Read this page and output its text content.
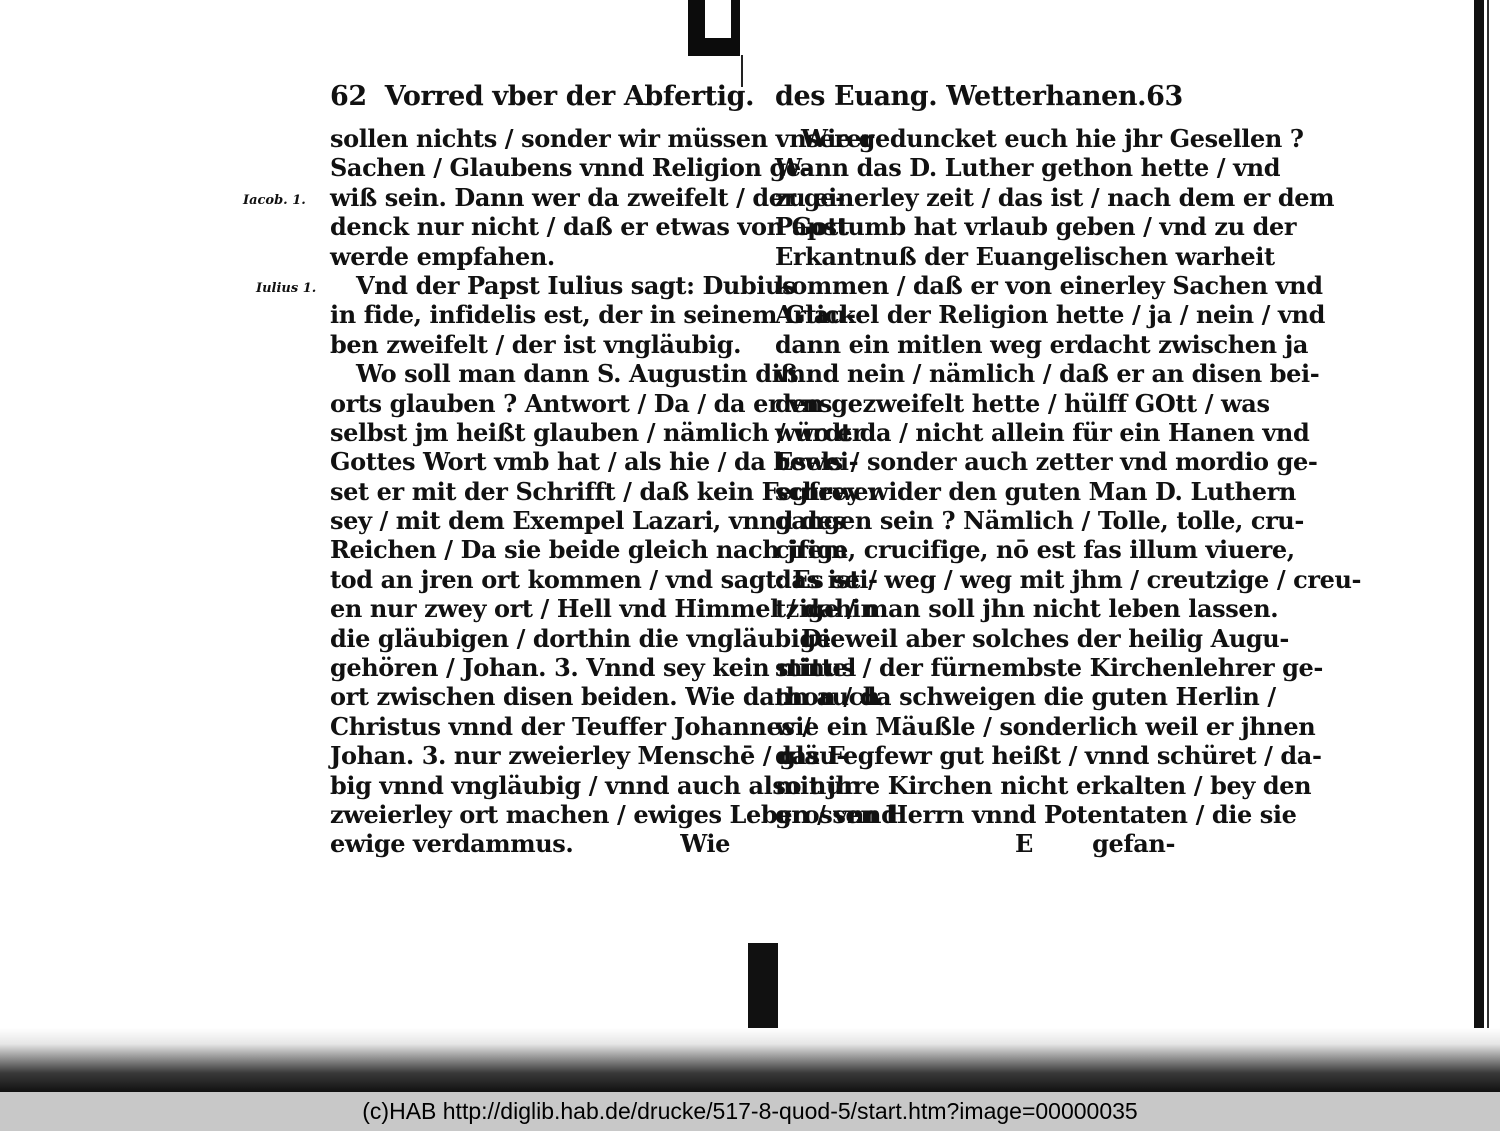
Iacob. 1.
Iulius 1.
62 Vorred vber der Abfertig.
sollen nichts / sonder wir müssen vnserer
Sachen / Glaubens vnnd Religion ge-
wiß sein. Dann wer da zweifelt / der ge-
denck nur nicht / daß er etwas von Gott
werde empfahen.
Vnd der Papst Iulius sagt: Dubius
in fide, infidelis est, der in seinem Glau-
ben zweifelt / der ist vngläubig.
Wo soll man dann S. Augustin diß
orts glauben ? Antwort / Da / da er vns
selbst jm heißt glauben / nämlich / wo er
Gottes Wort vmb hat / als hie / da bewei-
set er mit der Schrifft / daß kein Fegfewer
sey / mit dem Exempel Lazari, vnnd des
Reichen / Da sie beide gleich nach jrem
tod an jren ort kommen / vnd sagt: Es sei-
en nur zwey ort / Hell vnd Himmel / dahin
die gläubigen / dorthin die vngläubige
gehören / Johan. 3. Vnnd sey kein mittel
ort zwischen disen beiden. Wie dann auch
Christus vnnd der Teuffer Johannes /
Johan. 3. nur zweierley Menschē / gläu-
big vnnd vngläubig / vnnd auch also nur
zweierley ort machen / ewiges Leben / vnnd
ewige verdammus.	Wie
des Euang. Wetterhanen. 63
Wie geduncket euch hie jhr Gesellen ?
Wann das D. Luther gethon hette / vnd
zu einerley zeit / das ist / nach dem er dem
Papstumb hat vrlaub geben / vnd zu der
Erkantnuß der Euangelischen warheit
kommen / daß er von einerley Sachen vnd
Artickel der Religion hette / ja / nein / vnd
dann ein mitlen weg erdacht zwischen ja
vnnd nein / nämlich / daß er an disen bei-
den gezweifelt hette / hülff GOtt / was
würdt da / nicht allein für ein Hanen vnd
Esels / sonder auch zetter vnd mordio ge-
schrey wider den guten Man D. Luthern
gangen sein ? Nämlich / Tolle, tolle, cru-
cifige, crucifige, nō est fas illum viuere,
das ist / weg / weg mit jhm / creutzige / creu-
tzige / man soll jhn nicht leben lassen.
Dieweil aber solches der heilig Augu-
stinus / der fürnembste Kirchenlehrer ge-
thon / da schweigen die guten Herlin /
wie ein Mäußle / sonderlich weil er jhnen
das Fegfewr gut heißt / vnnd schüret / da-
mit jhre Kirchen nicht erkalten / bey den
grossen Herrn vnnd Potentaten / die sie
E gefan-
(c)HAB http://diglib.hab.de/drucke/517-8-quod-5/start.htm?image=00000035
